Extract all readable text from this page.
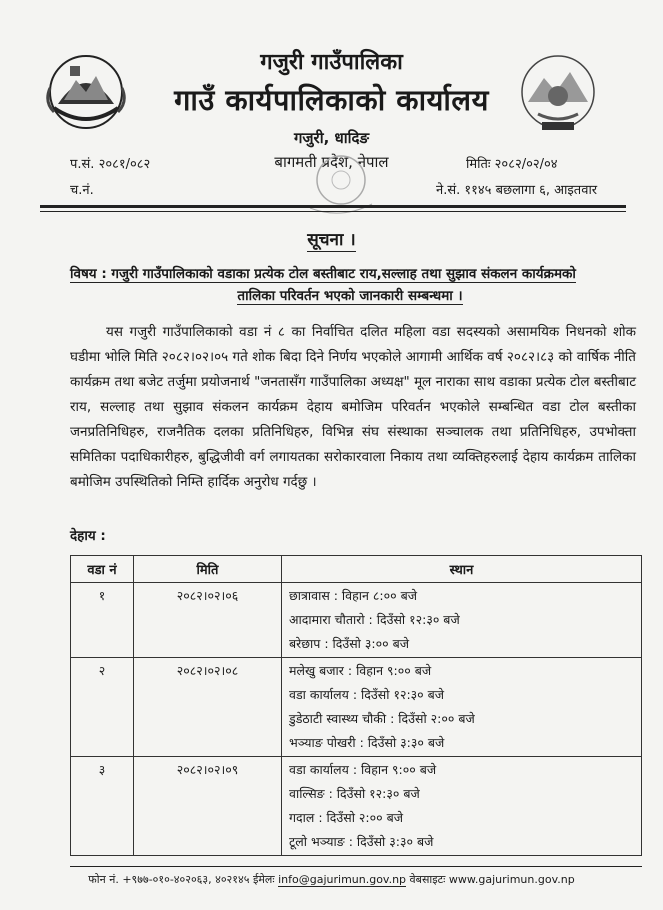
गजुरी गाउँपालिका
गाउँ कार्यपालिकाको कार्यालय
गजुरी, धादिङ
बागमती प्रदेश, नेपाल
प.सं. २०८१/०८२
च.नं.
मितिः २०८२/०२/०४
ने.सं. ११४५ बछलागा ६, आइतवार
सूचना ।
विषय : गजुरी गाउँपालिकाको वडाका प्रत्येक टोल बस्तीबाट राय,सल्लाह तथा सुझाव संकलन कार्यक्रमको
तालिका परिवर्तन भएको जानकारी सम्बन्धमा ।
यस गजुरी गाउँपालिकाको वडा नं ८ का निर्वाचित दलित महिला वडा सदस्यको असामयिक निधनको शोक घडीमा भोलि मिति २०८२।०२।०५ गते शोक बिदा दिने निर्णय भएकोले आगामी आर्थिक वर्ष २०८२।८३ को वार्षिक नीति कार्यक्रम तथा बजेट तर्जुमा प्रयोजनार्थ "जनतासँग गाउँपालिका अध्यक्ष" मूल नाराका साथ वडाका प्रत्येक टोल बस्तीबाट राय, सल्लाह तथा सुझाव संकलन कार्यक्रम देहाय बमोजिम परिवर्तन भएकोले सम्बन्धित वडा टोल बस्तीका जनप्रतिनिधिहरु, राजनैतिक दलका प्रतिनिधिहरु, विभिन्न संघ संस्थाका सञ्चालक तथा प्रतिनिधिहरु, उपभोक्ता समितिका पदाधिकारीहरु, बुद्धिजीवी वर्ग लगायतका सरोकारवाला निकाय तथा व्यक्तिहरुलाई देहाय कार्यक्रम तालिका बमोजिम उपस्थितिको निम्ति हार्दिक अनुरोध गर्दछु ।
देहाय :
वडा नं	मिति	स्थान
१	२०८२।०२।०६	छात्रावास : विहान ८:०० बजे
आदामारा चौतारो : दिउँसो १२:३० बजे
बरेछाप : दिउँसो ३:०० बजे

२	२०८२।०२।०८	मलेखु बजार : विहान ९:०० बजे
वडा कार्यालय : दिउँसो १२:३० बजे
डुडेठाटी स्वास्थ्य चौकी : दिउँसो २:०० बजे
भञ्याङ पोखरी : दिउँसो ३:३० बजे

३	२०८२।०२।०९	वडा कार्यालय : विहान ९:०० बजे
वाल्सिङ : दिउँसो १२:३० बजे
गदाल : दिउँसो २:०० बजे
टूलो भञ्याङ : दिउँसो ३:३० बजे
फोन नं. +९७७-०१०-४०२०६३, ४०२१४५ ईमेलः info@gajurimun.gov.np वेबसाइटः www.gajurimun.gov.np
